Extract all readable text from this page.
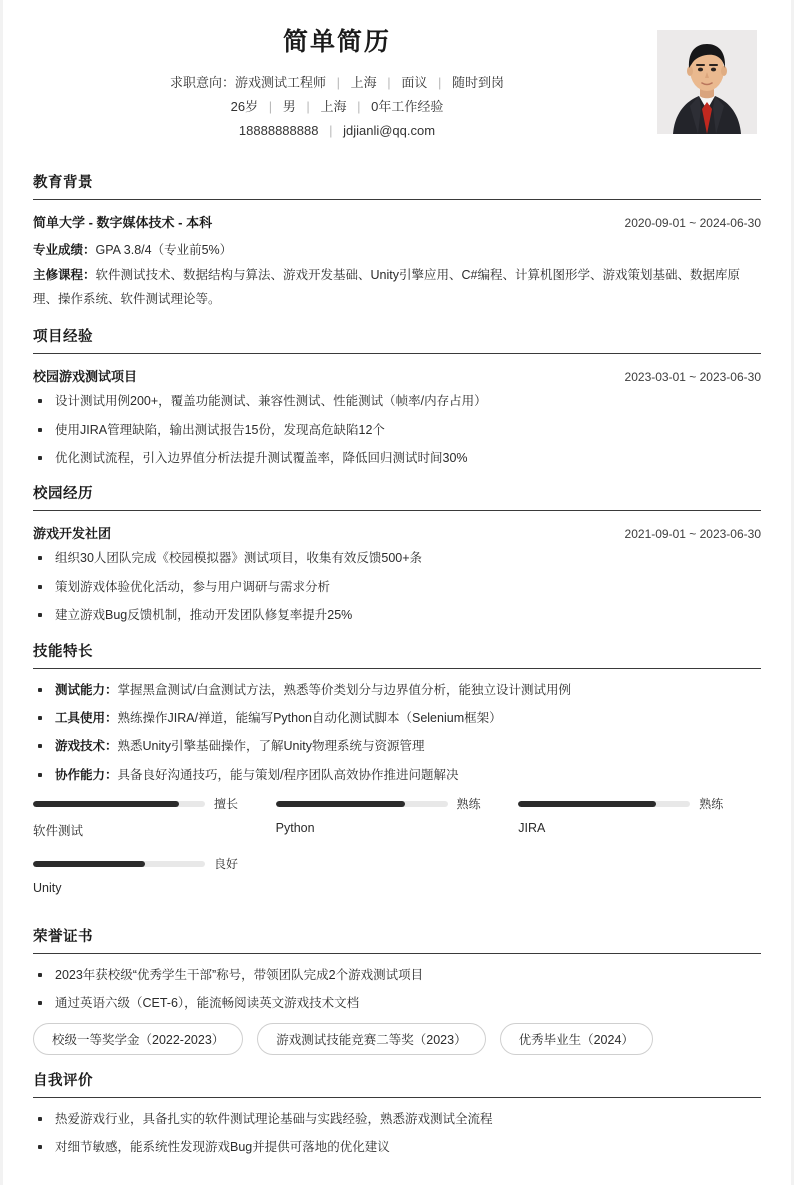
简单简历
求职意向：游戏测试工程师 | 上海 | 面议 | 随时到岗
26岁 | 男 | 上海 | 0年工作经验
18888888888 | jdjianli@qq.com
教育背景
简单大学 - 数字媒体技术 - 本科	2020-09-01 ~ 2024-06-30
专业成绩：GPA 3.8/4（专业前5%）
主修课程：软件测试技术、数据结构与算法、游戏开发基础、Unity引擎应用、C#编程、计算机图形学、游戏策划基础、数据库原理、操作系统、软件测试理论等。
项目经验
校园游戏测试项目	2023-03-01 ~ 2023-06-30
设计测试用例200+，覆盖功能测试、兼容性测试、性能测试（帧率/内存占用）
使用JIRA管理缺陷，输出测试报告15份，发现高危缺陷12个
优化测试流程，引入边界值分析法提升测试覆盖率，降低回归测试时间30%
校园经历
游戏开发社团	2021-09-01 ~ 2023-06-30
组织30人团队完成《校园模拟器》测试项目，收集有效反馈500+条
策划游戏体验优化活动，参与用户调研与需求分析
建立游戏Bug反馈机制，推动开发团队修复率提升25%
技能特长
测试能力：掌握黑盒测试/白盒测试方法，熟悉等价类划分与边界值分析，能独立设计测试用例
工具使用：熟练操作JIRA/禅道，能编写Python自动化测试脚本（Selenium框架）
游戏技术：熟悉Unity引擎基础操作，了解Unity物理系统与资源管理
协作能力：具备良好沟通技巧，能与策划/程序团队高效协作推进问题解决
擅长
软件测试
熟练
Python
熟练
JIRA
良好
Unity
荣誉证书
2023年获校级“优秀学生干部”称号，带领团队完成2个游戏测试项目
通过英语六级（CET-6），能流畅阅读英文游戏技术文档
校级一等奖学金（2022-2023）	游戏测试技能竞赛二等奖（2023）	优秀毕业生（2024）
自我评价
热爱游戏行业，具备扎实的软件测试理论基础与实践经验，熟悉游戏测试全流程
对细节敏感，能系统性发现游戏Bug并提供可落地的优化建议
